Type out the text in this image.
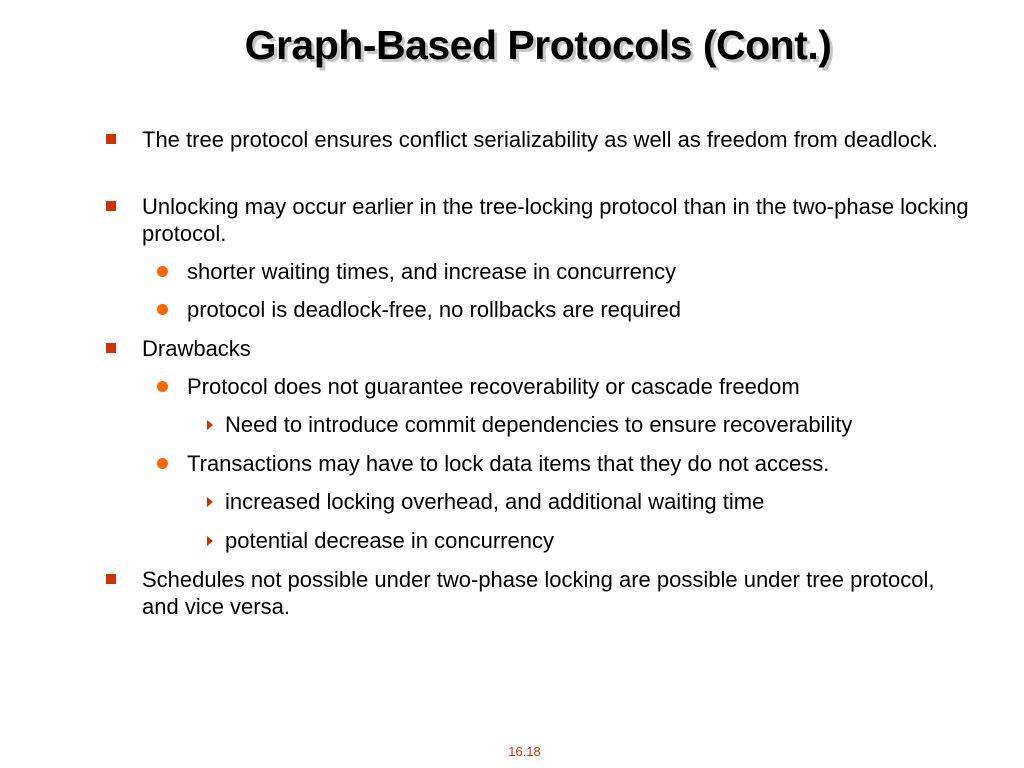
Graph-Based Protocols (Cont.)
The tree protocol ensures conflict serializability as well as freedom from deadlock.
Unlocking may occur earlier in the tree-locking protocol than in the two-phase locking protocol.
shorter waiting times, and increase in concurrency
protocol is deadlock-free, no rollbacks are required
Drawbacks
Protocol does not guarantee recoverability or cascade freedom
Need to introduce commit dependencies to ensure recoverability
Transactions may have to lock data items that they do not access.
increased locking overhead, and additional waiting time
potential decrease in concurrency
Schedules not possible under two-phase locking are possible under tree protocol, and vice versa.
16.18
